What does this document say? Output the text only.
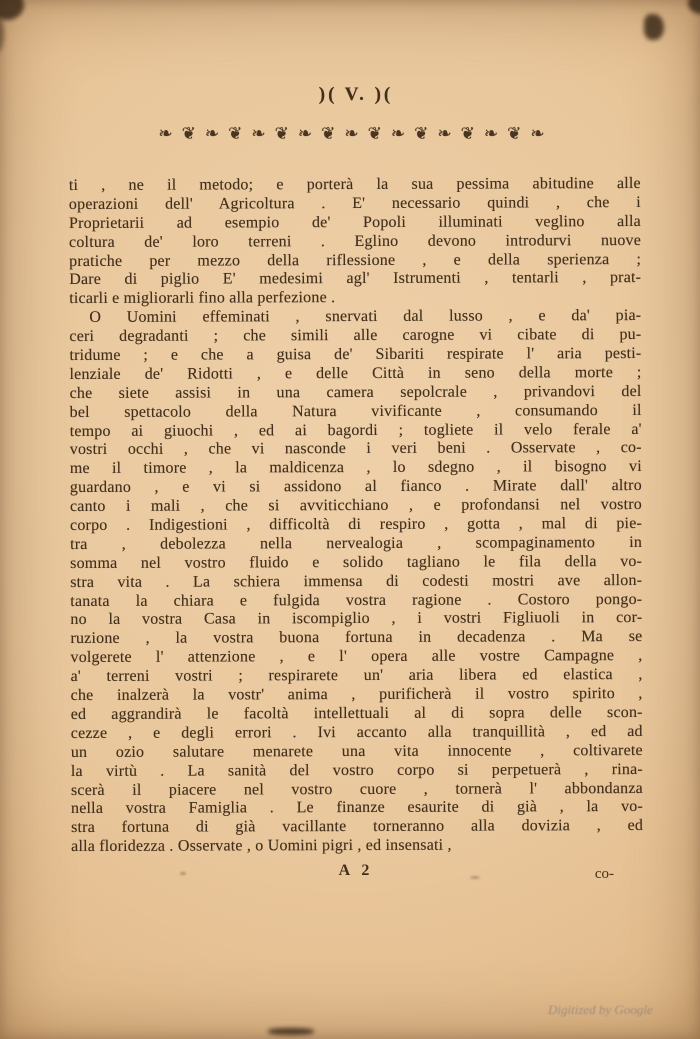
)( V. )(
❧❦❧❦❧❦❧❦❧❦❧❦❧❦❧❦❧
ti , ne il metodo; e porterà la sua pessima abitudine alle
operazioni dell' Agricoltura . E' necessario quindi , che i
Proprietarii ad esempio de' Popoli illuminati veglino alla
coltura de' loro terreni . Eglino devono introdurvi nuove
pratiche per mezzo della riflessione , e della sperienza ;
Dare di piglio E' medesimi agl' Istrumenti , tentarli , prat-
ticarli e migliorarli fino alla perfezione .
O Uomini effeminati , snervati dal lusso , e da' pia-
ceri degradanti ; che simili alle carogne vi cibate di pu-
tridume ; e che a guisa de' Sibariti respirate l' aria pesti-
lenziale de' Ridotti , e delle Città in seno della morte ;
che siete assisi in una camera sepolcrale , privandovi del
bel spettacolo della Natura vivificante , consumando il
tempo ai giuochi , ed ai bagordi ; togliete il velo ferale a'
vostri occhi , che vi nasconde i veri beni . Osservate , co-
me il timore , la maldicenza , lo sdegno , il bisogno vi
guardano , e vi si assidono al fianco . Mirate dall' altro
canto i mali , che si avviticchiano , e profondansi nel vostro
corpo . Indigestioni , difficoltà di respiro , gotta , mal di pie-
tra , debolezza nella nervealogia , scompaginamento in
somma nel vostro fluido e solido tagliano le fila della vo-
stra vita . La schiera immensa di codesti mostri ave allon-
tanata la chiara e fulgida vostra ragione . Costoro pongo-
no la vostra Casa in iscompiglio , i vostri Figliuoli in cor-
ruzione , la vostra buona fortuna in decadenza . Ma se
volgerete l' attenzione , e l' opera alle vostre Campagne ,
a' terreni vostri ; respirarete un' aria libera ed elastica ,
che inalzerà la vostr' anima , purificherà il vostro spirito ,
ed aggrandirà le facoltà intellettuali al di sopra delle scon-
cezze , e degli errori . Ivi accanto alla tranquillità , ed ad
un ozio salutare menarete una vita innocente , coltivarete
la virtù . La sanità del vostro corpo si perpetuerà , rina-
scerà il piacere nel vostro cuore , tornerà l' abbondanza
nella vostra Famiglia . Le finanze esaurite di già , la vo-
stra fortuna di già vacillante torneranno alla dovizia , ed
alla floridezza . Osservate , o Uomini pigri , ed insensati ,
A 2	co-
Digitized by Google
